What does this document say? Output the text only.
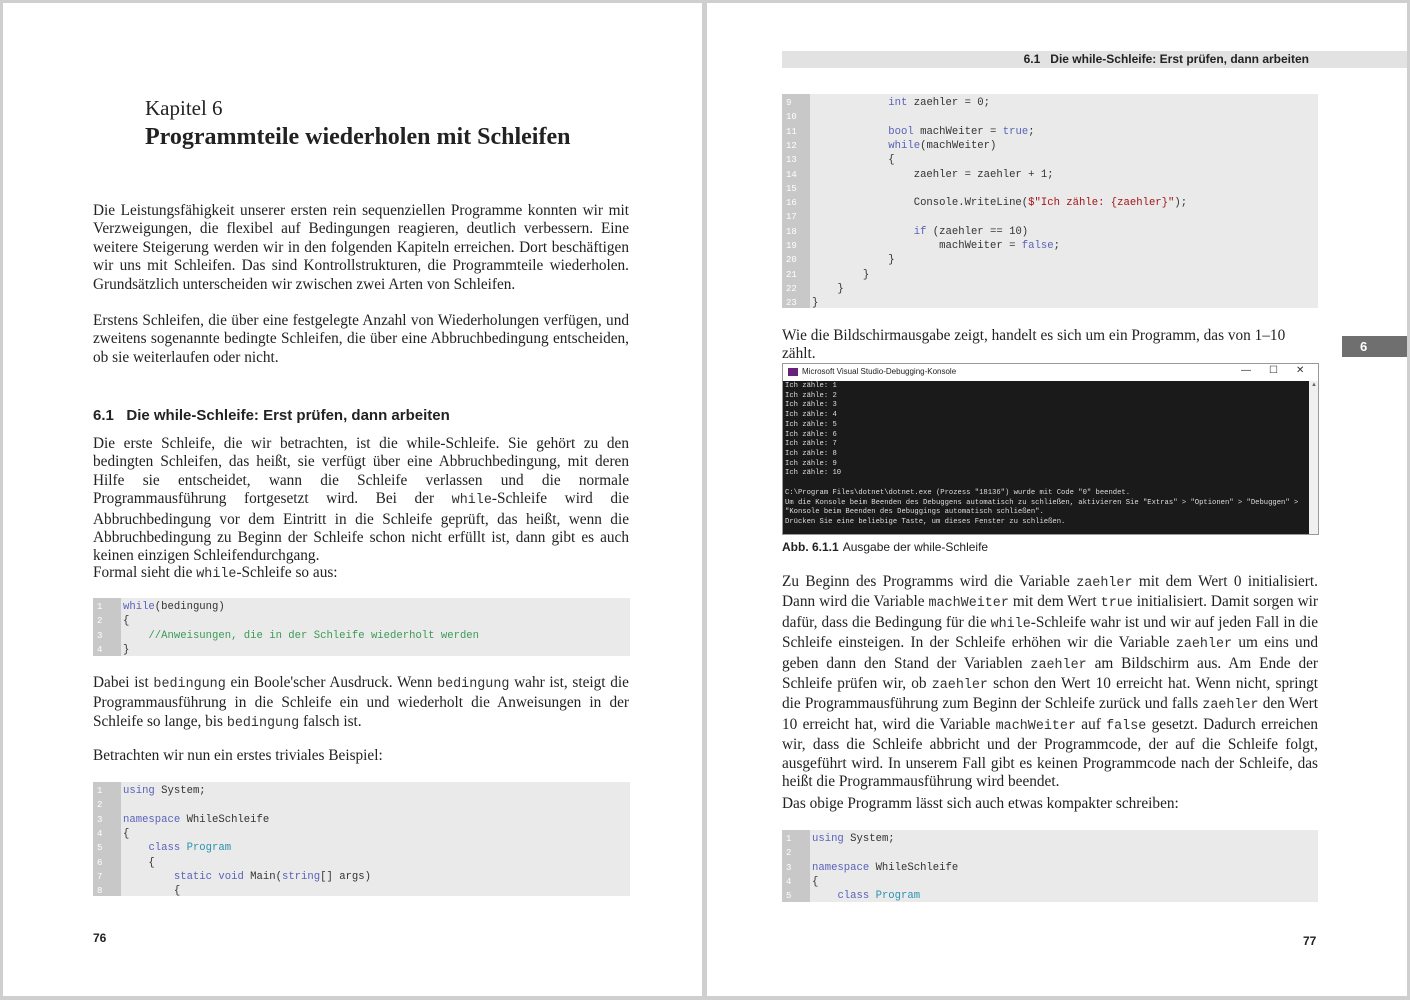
Kapitel 6
Programmteile wiederholen mit Schleifen

Die Leistungsfähigkeit unserer ersten rein sequenziellen Programme konnten wir mit Verzweigungen, die flexibel auf Bedingungen reagieren, deutlich verbessern. Eine weitere Steigerung werden wir in den folgenden Kapiteln erreichen. Dort beschäftigen wir uns mit Schleifen. Das sind Kontrollstrukturen, die Programmteile wiederholen. Grundsätzlich unterscheiden wir zwischen zwei Arten von Schleifen.

Erstens Schleifen, die über eine festgelegte Anzahl von Wiederholungen verfügen, und zweitens sogenannte bedingte Schleifen, die über eine Abbruchbedingung entscheiden, ob sie weiterlaufen oder nicht.

6.1 Die while-Schleife: Erst prüfen, dann arbeiten

Die erste Schleife, die wir betrachten, ist die while-Schleife. Sie gehört zu den bedingten Schleifen, das heißt, sie verfügt über eine Abbruchbedingung, mit deren Hilfe sie entscheidet, wann die Schleife verlassen und die normale Programmausführung fortgesetzt wird. Bei der while-Schleife wird die Abbruchbedingung vor dem Eintritt in die Schleife geprüft, das heißt, wenn die Abbruchbedingung zu Beginn der Schleife schon nicht erfüllt ist, dann gibt es auch keinen einzigen Schleifendurchgang.

Formal sieht die while-Schleife so aus:

1	while(bedingung)
2	{
3	//Anweisungen, die in der Schleife wiederholt werden
4	}

Dabei ist bedingung ein Boole'scher Ausdruck. Wenn bedingung wahr ist, steigt die Programmausführung in die Schleife ein und wiederholt die Anweisungen in der Schleife so lange, bis bedingung falsch ist.

Betrachten wir nun ein erstes triviales Beispiel:

1	using System;
2
3	namespace WhileSchleife
4	{
5	class Program
6	{
7	static void Main(string[] args)
8	{
76
6.1 Die while-Schleife: Erst prüfen, dann arbeiten
9	int zaehler = 0;
10
11	bool machWeiter = true;
12	while(machWeiter)
13	{
14	zaehler = zaehler + 1;
15
16	Console.WriteLine($"Ich zähle: {zaehler}");
17
18	if (zaehler == 10)
19	machWeiter = false;
20	}
21	}
22	}
23	}

Wie die Bildschirmausgabe zeigt, handelt es sich um ein Programm, das von 1–10 zählt.	6
Microsoft Visual Studio-Debugging-Konsole	— ☐ ✕
▲
Ich zähle: 1
Ich zähle: 2
Ich zähle: 3
Ich zähle: 4
Ich zähle: 5
Ich zähle: 6
Ich zähle: 7
Ich zähle: 8
Ich zähle: 9
Ich zähle: 10
C:\Program Files\dotnet\dotnet.exe (Prozess "18136") wurde mit Code "0" beendet.
Um die Konsole beim Beenden des Debuggens automatisch zu schließen, aktivieren Sie "Extras" > "Optionen" > "Debuggen" >
"Konsole beim Beenden des Debuggings automatisch schließen".
Drücken Sie eine beliebige Taste, um dieses Fenster zu schließen.
Abb. 6.1.1 Ausgabe der while-Schleife

Zu Beginn des Programms wird die Variable zaehler mit dem Wert 0 initialisiert. Dann wird die Variable machWeiter mit dem Wert true initialisiert. Damit sorgen wir dafür, dass die Bedingung für die while-Schleife wahr ist und wir auf jeden Fall in die Schleife einsteigen. In der Schleife erhöhen wir die Variable zaehler um eins und geben dann den Stand der Variablen zaehler am Bildschirm aus. Am Ende der Schleife prüfen wir, ob zaehler schon den Wert 10 erreicht hat. Wenn nicht, springt die Programmausführung zum Beginn der Schleife zurück und falls zaehler den Wert 10 erreicht hat, wird die Variable machWeiter auf false gesetzt. Dadurch erreichen wir, dass die Schleife abbricht und der Programmcode, der auf die Schleife folgt, ausgeführt wird. In unserem Fall gibt es keinen Programmcode nach der Schleife, das heißt die Programmausführung wird beendet.

Das obige Programm lässt sich auch etwas kompakter schreiben:

1	using System;
2
3	namespace WhileSchleife
4	{
5	class Program
77
